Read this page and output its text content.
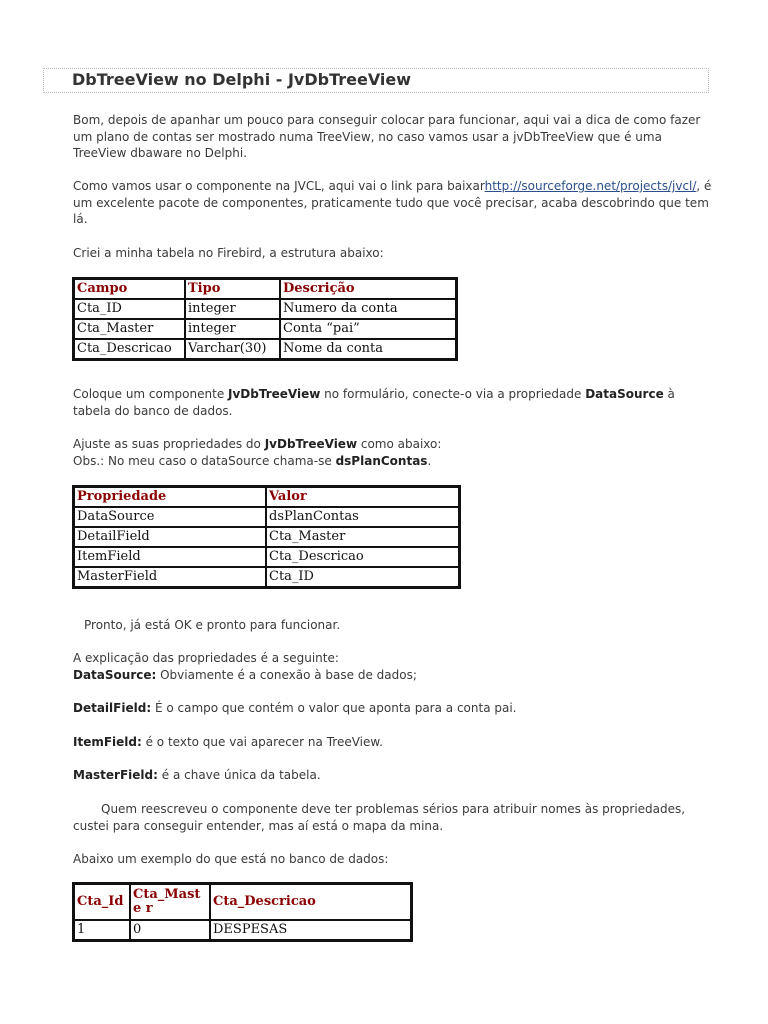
DbTreeView no Delphi - JvDbTreeView

Bom, depois de apanhar um pouco para conseguir colocar para funcionar, aqui vai a dica de como fazer um plano de contas ser mostrado numa TreeView, no caso vamos usar a jvDbTreeView que é uma TreeView dbaware no Delphi.

Como vamos usar o componente na JVCL, aqui vai o link para baixarhttp://sourceforge.net/projects/jvcl/, é um excelente pacote de componentes, praticamente tudo que você precisar, acaba descobrindo que tem lá.

Criei a minha tabela no Firebird, a estrutura abaixo:

Campo	Tipo	Descrição
Cta_ID	integer	Numero da conta
Cta_Master	integer	Conta “pai”
Cta_Descricao	Varchar(30)	Nome da conta

Coloque um componente JvDbTreeView no formulário, conecte-o via a propriedade DataSource à tabela do banco de dados.

Ajuste as suas propriedades do JvDbTreeView como abaixo:
Obs.: No meu caso o dataSource chama-se dsPlanContas.

Propriedade	Valor
DataSource	dsPlanContas
DetailField	Cta_Master
ItemField	Cta_Descricao
MasterField	Cta_ID

Pronto, já está OK e pronto para funcionar.

A explicação das propriedades é a seguinte:
DataSource: Obviamente é a conexão à base de dados;

DetailField: É o campo que contém o valor que aponta para a conta pai.

ItemField: é o texto que vai aparecer na TreeView.

MasterField: é a chave única da tabela.

Quem reescreveu o componente deve ter problemas sérios para atribuir nomes às propriedades, custei para conseguir entender, mas aí está o mapa da mina.

Abaixo um exemplo do que está no banco de dados:

Cta_Id	Cta_Maste r	Cta_Descricao
1	0	DESPESAS
